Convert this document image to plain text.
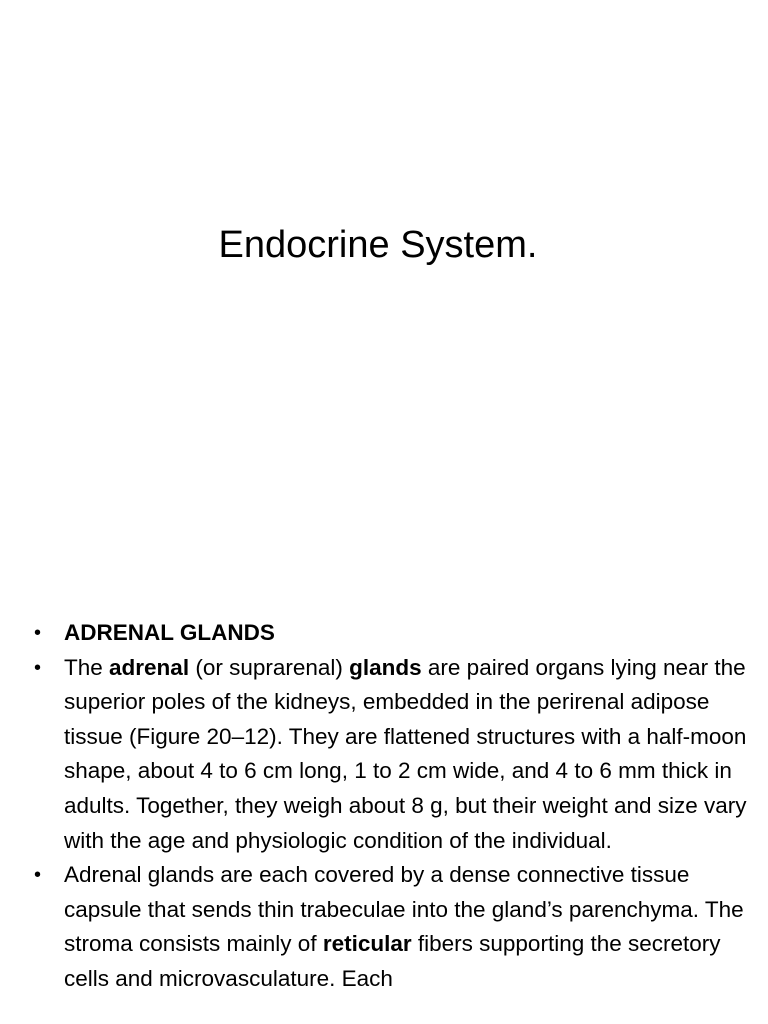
Endocrine System.
•	ADRENAL GLANDS
•	The adrenal (or suprarenal) glands are paired organs lying near the superior poles of the kidneys, embedded in the perirenal adipose tissue (Figure 20–12). They are flattened structures with a half-moon shape, about 4 to 6 cm long, 1 to 2 cm wide, and 4 to 6 mm thick in adults. Together, they weigh about 8 g, but their weight and size vary with the age and physiologic condition of the individual.
•	Adrenal glands are each covered by a dense connective tissue capsule that sends thin trabeculae into the gland’s parenchyma. The stroma consists mainly of reticular fibers supporting the secretory cells and microvasculature. Each
